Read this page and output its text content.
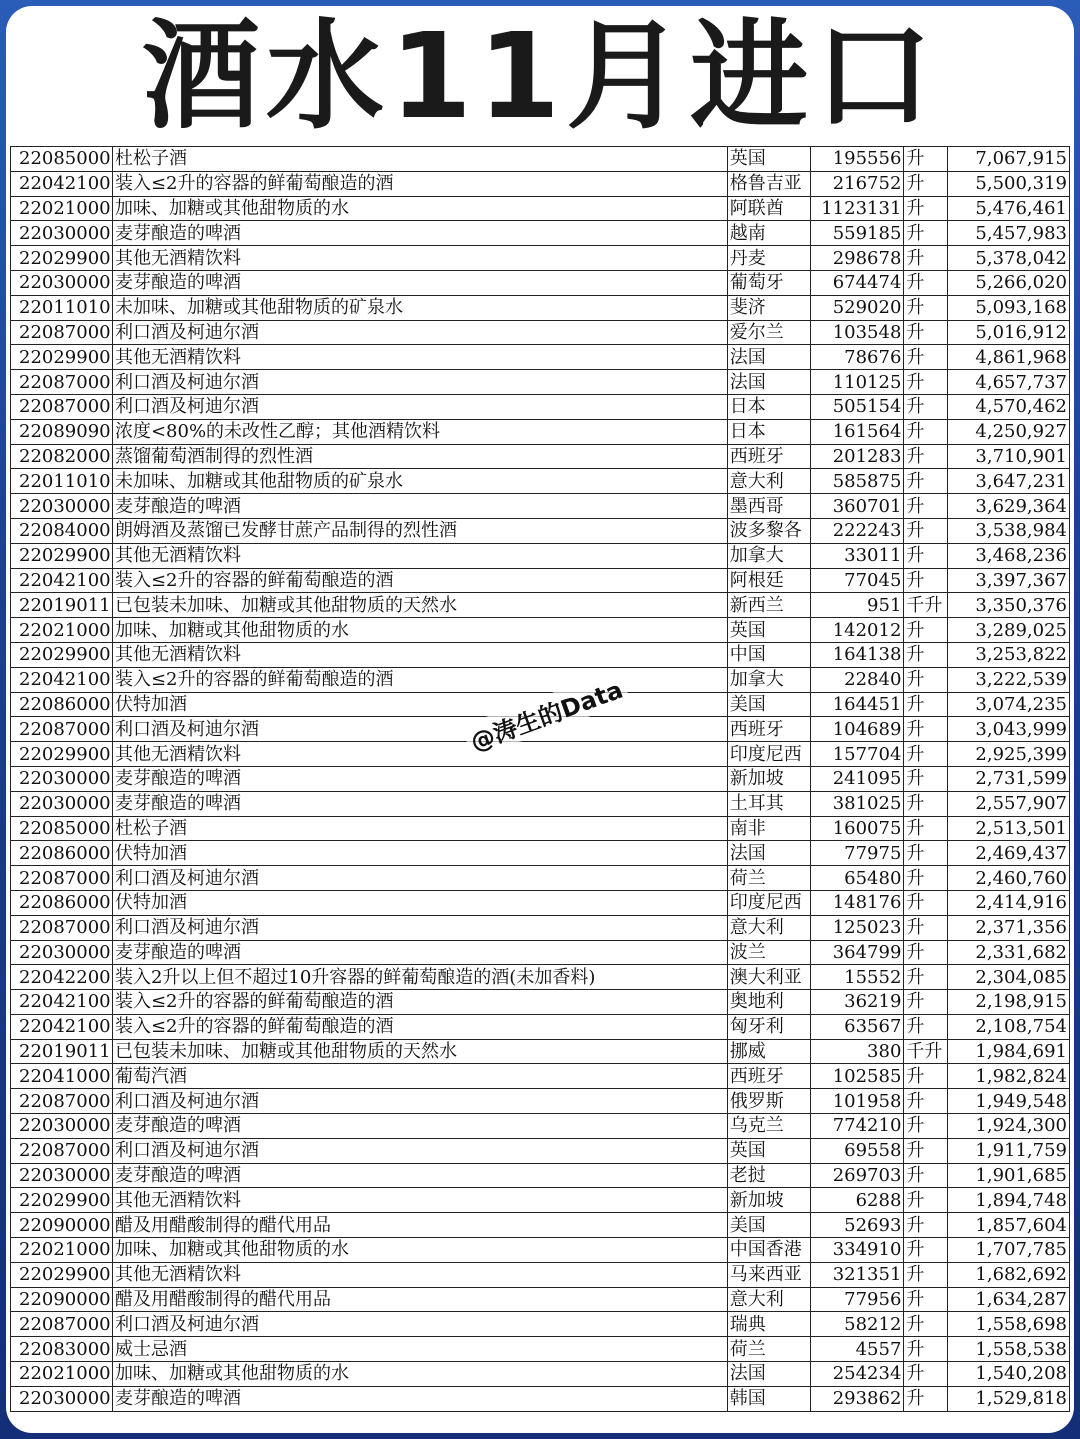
酒水11月进口
22085000	杜松子酒	英国	195556	升	7,067,915
22042100	装入≤2升的容器的鲜葡萄酿造的酒	格鲁吉亚	216752	升	5,500,319
22021000	加味、加糖或其他甜物质的水	阿联酋	1123131	升	5,476,461
22030000	麦芽酿造的啤酒	越南	559185	升	5,457,983
22029900	其他无酒精饮料	丹麦	298678	升	5,378,042
22030000	麦芽酿造的啤酒	葡萄牙	674474	升	5,266,020
22011010	未加味、加糖或其他甜物质的矿泉水	斐济	529020	升	5,093,168
22087000	利口酒及柯迪尔酒	爱尔兰	103548	升	5,016,912
22029900	其他无酒精饮料	法国	78676	升	4,861,968
22087000	利口酒及柯迪尔酒	法国	110125	升	4,657,737
22087000	利口酒及柯迪尔酒	日本	505154	升	4,570,462
22089090	浓度<80%的未改性乙醇；其他酒精饮料	日本	161564	升	4,250,927
22082000	蒸馏葡萄酒制得的烈性酒	西班牙	201283	升	3,710,901
22011010	未加味、加糖或其他甜物质的矿泉水	意大利	585875	升	3,647,231
22030000	麦芽酿造的啤酒	墨西哥	360701	升	3,629,364
22084000	朗姆酒及蒸馏已发酵甘蔗产品制得的烈性酒	波多黎各	222243	升	3,538,984
22029900	其他无酒精饮料	加拿大	33011	升	3,468,236
22042100	装入≤2升的容器的鲜葡萄酿造的酒	阿根廷	77045	升	3,397,367
22019011	已包装未加味、加糖或其他甜物质的天然水	新西兰	951	千升	3,350,376
22021000	加味、加糖或其他甜物质的水	英国	142012	升	3,289,025
22029900	其他无酒精饮料	中国	164138	升	3,253,822
22042100	装入≤2升的容器的鲜葡萄酿造的酒	加拿大	22840	升	3,222,539
22086000	伏特加酒	美国	164451	升	3,074,235
22087000	利口酒及柯迪尔酒	西班牙	104689	升	3,043,999
22029900	其他无酒精饮料	印度尼西	157704	升	2,925,399
22030000	麦芽酿造的啤酒	新加坡	241095	升	2,731,599
22030000	麦芽酿造的啤酒	土耳其	381025	升	2,557,907
22085000	杜松子酒	南非	160075	升	2,513,501
22086000	伏特加酒	法国	77975	升	2,469,437
22087000	利口酒及柯迪尔酒	荷兰	65480	升	2,460,760
22086000	伏特加酒	印度尼西	148176	升	2,414,916
22087000	利口酒及柯迪尔酒	意大利	125023	升	2,371,356
22030000	麦芽酿造的啤酒	波兰	364799	升	2,331,682
22042200	装入2升以上但不超过10升容器的鲜葡萄酿造的酒(未加香料)	澳大利亚	15552	升	2,304,085
22042100	装入≤2升的容器的鲜葡萄酿造的酒	奥地利	36219	升	2,198,915
22042100	装入≤2升的容器的鲜葡萄酿造的酒	匈牙利	63567	升	2,108,754
22019011	已包装未加味、加糖或其他甜物质的天然水	挪威	380	千升	1,984,691
22041000	葡萄汽酒	西班牙	102585	升	1,982,824
22087000	利口酒及柯迪尔酒	俄罗斯	101958	升	1,949,548
22030000	麦芽酿造的啤酒	乌克兰	774210	升	1,924,300
22087000	利口酒及柯迪尔酒	英国	69558	升	1,911,759
22030000	麦芽酿造的啤酒	老挝	269703	升	1,901,685
22029900	其他无酒精饮料	新加坡	6288	升	1,894,748
22090000	醋及用醋酸制得的醋代用品	美国	52693	升	1,857,604
22021000	加味、加糖或其他甜物质的水	中国香港	334910	升	1,707,785
22029900	其他无酒精饮料	马来西亚	321351	升	1,682,692
22090000	醋及用醋酸制得的醋代用品	意大利	77956	升	1,634,287
22087000	利口酒及柯迪尔酒	瑞典	58212	升	1,558,698
22083000	威士忌酒	荷兰	4557	升	1,558,538
22021000	加味、加糖或其他甜物质的水	法国	254234	升	1,540,208
22030000	麦芽酿造的啤酒	韩国	293862	升	1,529,818
@涛生的Data
